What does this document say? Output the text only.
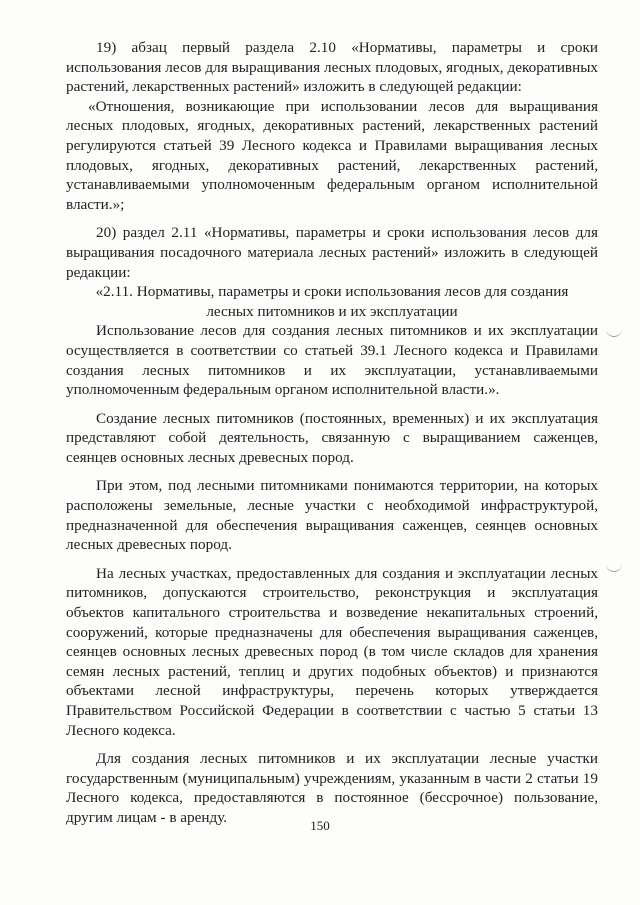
19) абзац первый раздела 2.10 «Нормативы, параметры и сроки использования лесов для выращивания лесных плодовых, ягодных, декоративных растений, лекарственных растений» изложить в следующей редакции:

«Отношения, возникающие при использовании лесов для выращивания лесных плодовых, ягодных, декоративных растений, лекарственных растений регулируются статьей 39 Лесного кодекса и Правилами выращивания лесных плодовых, ягодных, декоративных растений, лекарственных растений, устанавливаемыми уполномоченным федеральным органом исполнительной власти.»;

20) раздел 2.11 «Нормативы, параметры и сроки использования лесов для выращивания посадочного материала лесных растений» изложить в следующей редакции:

«2.11. Нормативы, параметры и сроки использования лесов для создания лесных питомников и их эксплуатации

Использование лесов для создания лесных питомников и их эксплуатации осуществляется в соответствии со статьей 39.1 Лесного кодекса и Правилами создания лесных питомников и их эксплуатации, устанавливаемыми уполномоченным федеральным органом исполнительной власти.».

Создание лесных питомников (постоянных, временных) и их эксплуатация представляют собой деятельность, связанную с выращиванием саженцев, сеянцев основных лесных древесных пород.

При этом, под лесными питомниками понимаются территории, на которых расположены земельные, лесные участки с необходимой инфраструктурой, предназначенной для обеспечения выращивания саженцев, сеянцев основных лесных древесных пород.

На лесных участках, предоставленных для создания и эксплуатации лесных питомников, допускаются строительство, реконструкция и эксплуатация объектов капитального строительства и возведение некапитальных строений, сооружений, которые предназначены для обеспечения выращивания саженцев, сеянцев основных лесных древесных пород (в том числе складов для хранения семян лесных растений, теплиц и других подобных объектов) и признаются объектами лесной инфраструктуры, перечень которых утверждается Правительством Российской Федерации в соответствии с частью 5 статьи 13 Лесного кодекса.

Для создания лесных питомников и их эксплуатации лесные участки государственным (муниципальным) учреждениям, указанным в части 2 статьи 19 Лесного кодекса, предоставляются в постоянное (бессрочное) пользование, другим лицам - в аренду.	150
